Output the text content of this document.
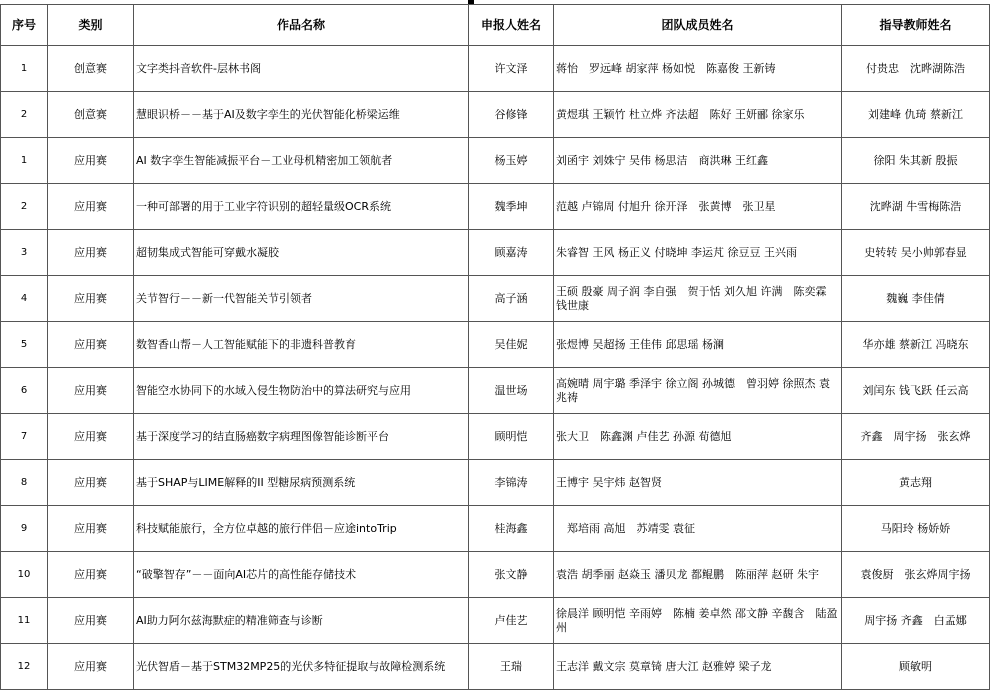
序号	类别	作品名称	申报人姓名	团队成员姓名	指导教师姓名
1	创意赛	文字类抖音软件-层林书阁	许文泽	蒋怡　罗远峰 胡家萍 杨如悦　陈嘉俊 王新铸	付贵忠　沈晔湖陈浩
2	创意赛	慧眼识桥－－基于AI及数字孪生的光伏智能化桥梁运维	谷修锋	黄煜琪 王颖竹 杜立烨 齐法超　陈好 王妍郦 徐家乐	刘建峰 仇琦 蔡新江
1	应用赛	AI 数字孪生智能减振平台－工业母机精密加工领航者	杨玉婷	刘函宇 刘姝宁 吴伟 杨思洁　商洪琳 王红鑫	徐阳 朱其新 殷振
2	应用赛	一种可部署的用于工业字符识别的超轻量级OCR系统	魏季坤	范越 卢锦周 付旭升 徐开泽　张黄博　张卫星	沈晔湖 牛雪梅陈浩
3	应用赛	超韧集成式智能可穿戴水凝胶	顾嘉涛	朱睿智 王风 杨正义 付晓坤 李运芃 徐豆豆 王兴雨	史转转 吴小帅郭春显
4	应用赛	关节智行－－新一代智能关节引领者	高子涵	王硕 殷豪 周子润 李自强　贺于恬 刘久旭 许满　陈奕霖 钱世康	魏巍 李佳倩
5	应用赛	数智香山帮－人工智能赋能下的非遗科普教育	吴佳妮	张煜博 吴超扬 王佳伟 邱思瑶 杨澜	华亦雄 蔡新江 冯晓东
6	应用赛	智能空水协同下的水域入侵生物防治中的算法研究与应用	温世场	高婉晴 周宇璐 季泽宇 徐立阁 孙城德　曾羽婷 徐照杰 袁兆祷	刘闰东 钱飞跃 任云高
7	应用赛	基于深度学习的结直肠癌数字病理图像智能诊断平台	顾明恺	张大卫　陈鑫渊 卢佳艺 孙源 荀德旭	齐鑫　周宇扬　张玄烨
8	应用赛	基于SHAP与LIME解释的II 型糖尿病预测系统	李锦涛	王博宇 吴宇炜 赵智贤	黄志翔
9	应用赛	科技赋能旅行，全方位卓越的旅行伴侣－应途intoTrip	桂海鑫	　郑培雨 高旭　苏靖雯 袁征	马阳玲 杨娇娇
10	应用赛	“破擎智存”－－面向AI芯片的高性能存储技术	张文静	袁浩 胡季丽 赵焱玉 潘贝龙 都鲲鹏　陈丽萍 赵研 朱宇	袁俊厨　张玄烨周宇扬
11	应用赛	AI助力阿尔兹海默症的精准筛查与诊断	卢佳艺	徐晨洋 顾明恺 辛雨婷　陈楠 姜卓然 邵文静 辛馥含　陆盈州	周宇扬 齐鑫　白孟娜
12	应用赛	光伏智盾－基于STM32MP25的光伏多特征提取与故障检测系统	王瑞	王志洋 戴文宗 莫章锜 唐大江 赵雅婷 梁子龙	顾敏明
